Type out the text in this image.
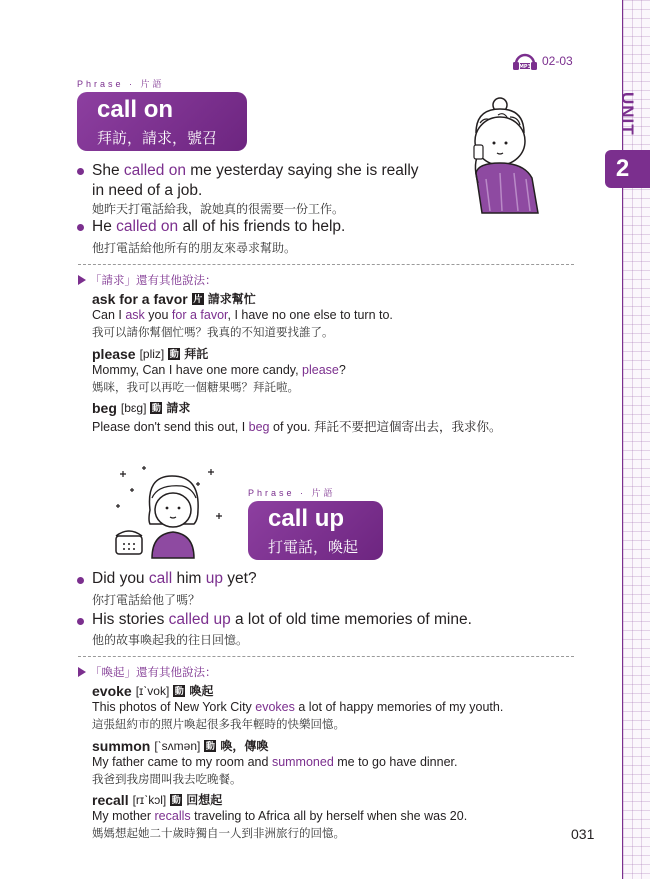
UNIT
2
MP3 02-03
Phrase · 片語
call on
拜訪，請求，號召
She called on me yesterday saying she is really
in need of a job.
她昨天打電話給我，說她真的很需要一份工作。
He called on all of his friends to help.
他打電話給他所有的朋友來尋求幫助。
「請求」還有其他說法：
ask for a favor 片 請求幫忙
Can I ask you for a favor, I have no one else to turn to.
我可以請你幫個忙嗎？我真的不知道要找誰了。
please [pliz] 動 拜託
Mommy, Can I have one more candy, please?
媽咪，我可以再吃一個糖果嗎？拜託啦。
beg [bɛg] 動 請求
Please don't send this out, I beg of you. 拜託不要把這個寄出去，我求你。
Phrase · 片語
call up
打電話，喚起
Did you call him up yet?
你打電話給他了嗎？
His stories called up a lot of old time memories of mine.
他的故事喚起我的往日回憶。
「喚起」還有其他說法：
evoke [ɪˋvok] 動 喚起
This photos of New York City evokes a lot of happy memories of my youth.
這張紐約市的照片喚起很多我年輕時的快樂回憶。
summon [ˋsʌmən] 動 喚，傳喚
My father came to my room and summoned me to go have dinner.
我爸到我房間叫我去吃晚餐。
recall [rɪˋkɔl] 動 回想起
My mother recalls traveling to Africa all by herself when she was 20.
媽媽想起她二十歲時獨自一人到非洲旅行的回憶。	031
